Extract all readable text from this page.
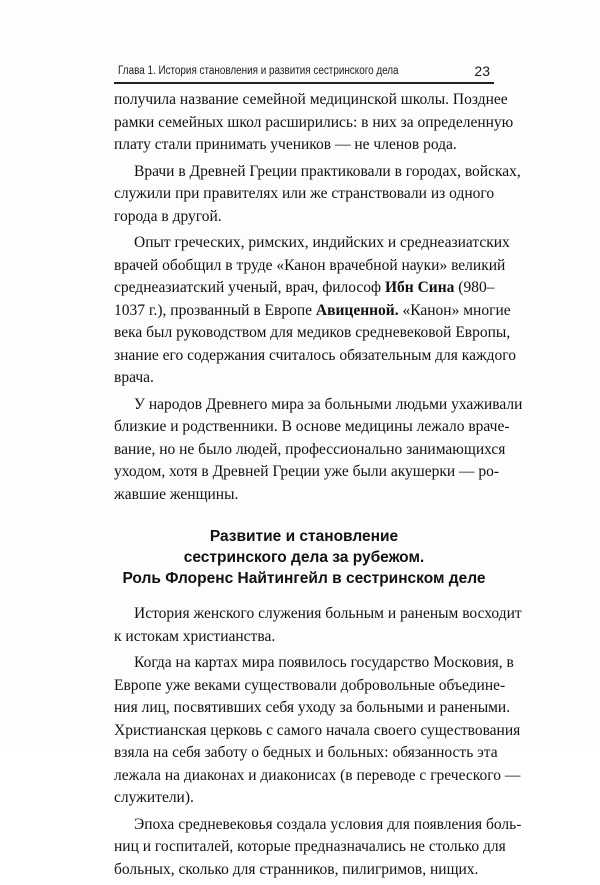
Глава 1. История становления и развития сестринского дела	23
получила название семейной медицинской школы. Позднее
рамки семейных школ расширились: в них за определенную
плату стали принимать учеников — не членов рода.
Врачи в Древней Греции практиковали в городах, войсках,
служили при правителях или же странствовали из одного
города в другой.
Опыт греческих, римских, индийских и среднеазиатских
врачей обобщил в труде «Канон врачебной науки» великий
среднеазиатский ученый, врач, философ Ибн Сина (980–
1037 г.), прозванный в Европе Авиценной. «Канон» многие
века был руководством для медиков средневековой Европы,
знание его содержания считалось обязательным для каждого
врача.
У народов Древнего мира за больными людьми ухаживали
близкие и родственники. В основе медицины лежало враче-
вание, но не было людей, профессионально занимающихся
уходом, хотя в Древней Греции уже были акушерки — ро-
жавшие женщины.
Развитие и становление
сестринского дела за рубежом.
Роль Флоренс Найтингейл в сестринском деле
История женского служения больным и раненым восходит
к истокам христианства.
Когда на картах мира появилось государство Московия, в
Европе уже веками существовали добровольные объедине-
ния лиц, посвятивших себя уходу за больными и ранеными.
Христианская церковь с самого начала своего существования
взяла на себя заботу о бедных и больных: обязанность эта
лежала на диаконах и диаконисах (в переводе с греческого —
служители).
Эпоха средневековья создала условия для появления боль-
ниц и госпиталей, которые предназначались не столько для
больных, сколько для странников, пилигримов, нищих.
